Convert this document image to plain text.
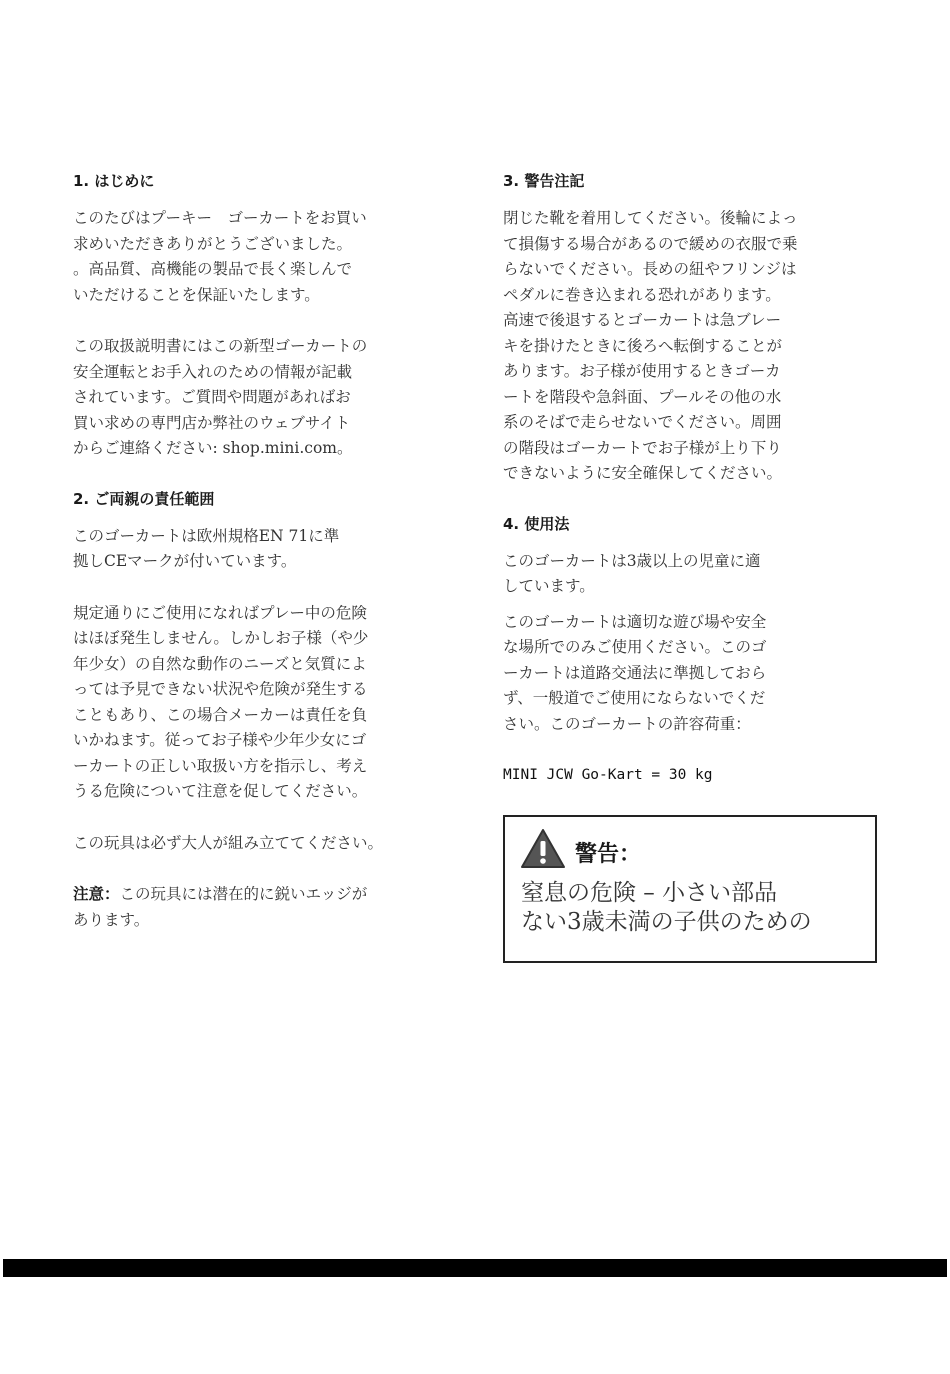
1. はじめに

このたびはプーキー　ゴーカートをお買い
求めいただきありがとうございました。
。高品質、高機能の製品で長く楽しんで
いただけることを保証いたします。

この取扱説明書にはこの新型ゴーカートの
安全運転とお手入れのための情報が記載
されています。ご質問や問題があればお
買い求めの専門店か弊社のウェブサイト
からご連絡ください: shop.mini.com。

2. ご両親の責任範囲

このゴーカートは欧州規格EN 71に準
拠しCEマークが付いています。

規定通りにご使用になればプレー中の危険
はほぼ発生しません。しかしお子様（や少
年少女）の自然な動作のニーズと気質によ
っては予見できない状況や危険が発生する
こともあり、この場合メーカーは責任を負
いかねます。従ってお子様や少年少女にゴ
ーカートの正しい取扱い方を指示し、考え
うる危険について注意を促してください。

この玩具は必ず大人が組み立ててください。

注意：この玩具には潜在的に鋭いエッジが
あります。

3. 警告注記

閉じた靴を着用してください。後輪によっ
て損傷する場合があるので緩めの衣服で乗
らないでください。長めの紐やフリンジは
ペダルに巻き込まれる恐れがあります。
高速で後退するとゴーカートは急ブレー
キを掛けたときに後ろへ転倒することが
あります。お子様が使用するときゴーカ
ートを階段や急斜面、プールその他の水
系のそばで走らせないでください。周囲
の階段はゴーカートでお子様が上り下り
できないように安全確保してください。

4. 使用法

このゴーカートは3歳以上の児童に適
しています。

このゴーカートは適切な遊び場や安全
な場所でのみご使用ください。このゴ
ーカートは道路交通法に準拠しておら
ず、一般道でご使用にならないでくだ
さい。このゴーカートの許容荷重：

MINI JCW Go-Kart = 30 kg
警告：
窒息の危険 – 小さい部品
ない3歳未満の子供のための
